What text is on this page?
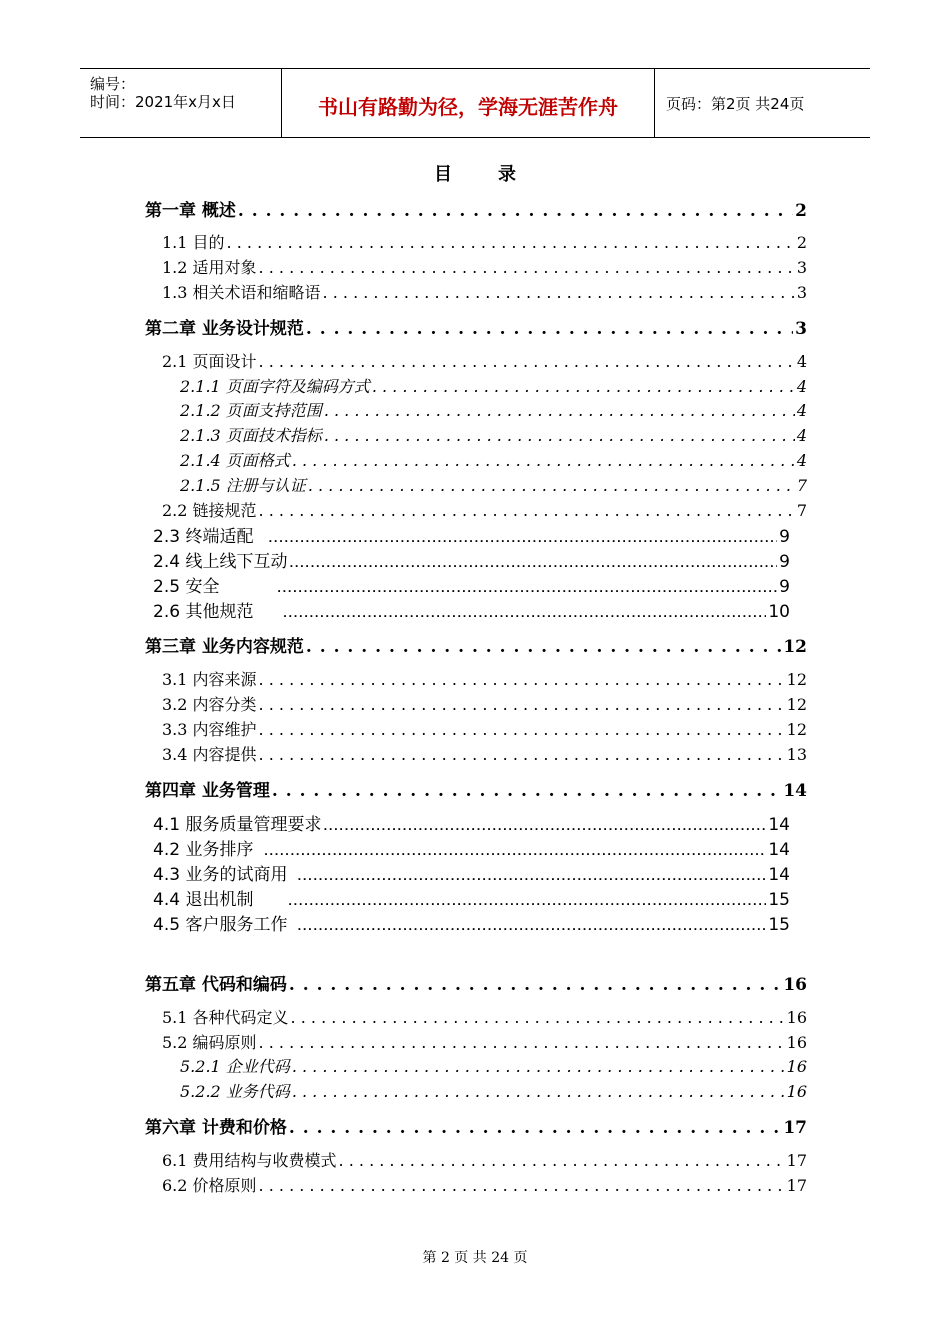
编号：
时间：2021年x月x日	书山有路勤为径，学海无涯苦作舟	页码：第2页 共24页
目录
第一章 概述 . . .	2
1.1 目的 . . .	2
1.2 适用对象 . . .	3
1.3 相关术语和缩略语 . . .	3
第二章 业务设计规范 . . .	3
2.1 页面设计 . . .	4
2.1.1 页面字符及编码方式 . . .	4
2.1.2 页面支持范围 . . .	4
2.1.3 页面技术指标 . . .	4
2.1.4 页面格式 . . .	4
2.1.5 注册与认证 . . .	7
2.2 链接规范 . . .	7
2.3 终端适配 . . .	9
2.4 线上线下互动 . . .	9
2.5 安全 . . .	9
2.6 其他规范 . . .	10
第三章 业务内容规范 . . .	12
3.1 内容来源 . . .	12
3.2 内容分类 . . .	12
3.3 内容维护 . . .	12
3.4 内容提供 . . .	13
第四章 业务管理 . . .	14
4.1 服务质量管理要求 . . .	14
4.2 业务排序 . . .	14
4.3 业务的试商用 . . .	14
4.4 退出机制 . . .	15
4.5 客户服务工作 . . .	15
第五章 代码和编码 . . .	16
5.1 各种代码定义 . . .	16
5.2 编码原则 . . .	16
5.2.1 企业代码 . . .	16
5.2.2 业务代码 . . .	16
第六章 计费和价格 . . .	17
6.1 费用结构与收费模式 . . .	17
6.2 价格原则 . . .	17
第 2 页 共 24 页
